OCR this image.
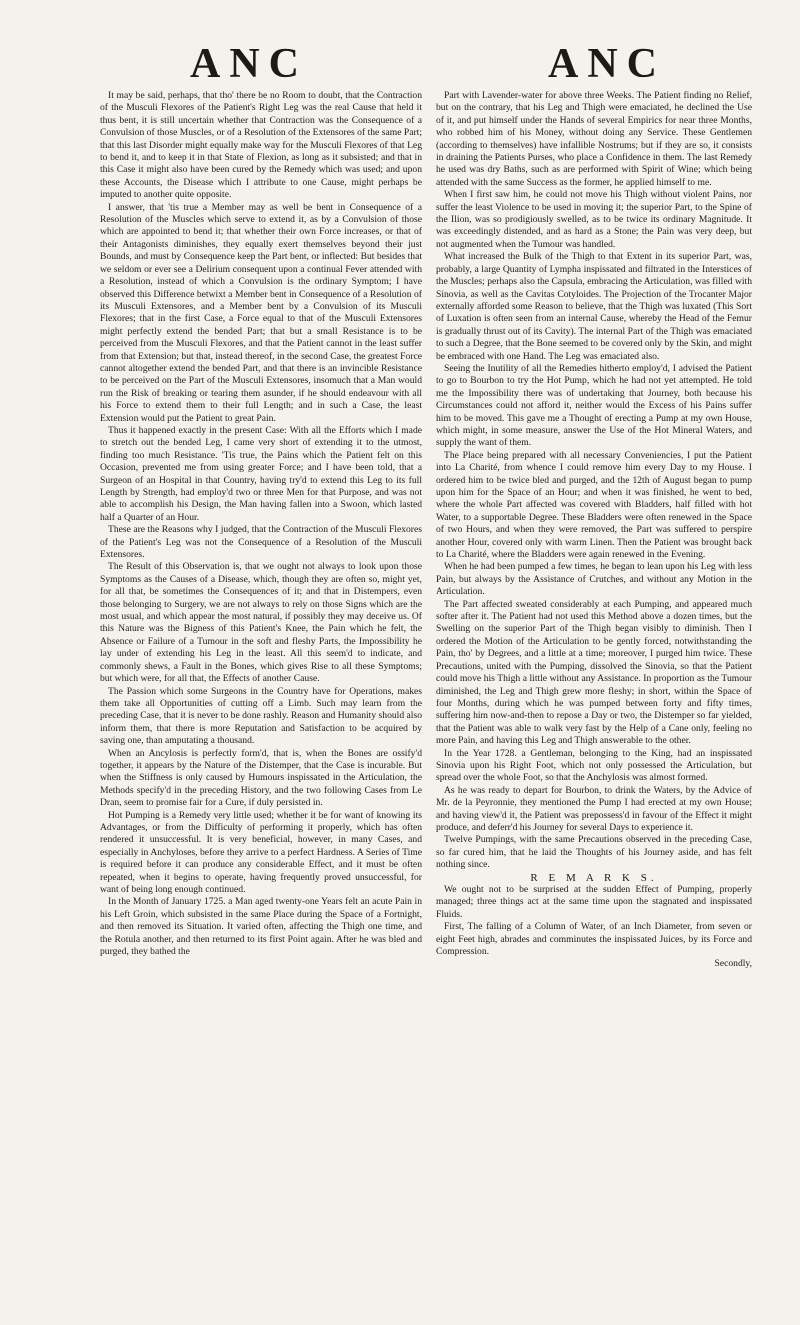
ANC	ANC

It may be said, perhaps, that tho' there be no Room to doubt, that the Contraction of the Musculi Flexores of the Patient's Right Leg was the real Cause that held it thus bent, it is still uncertain whether that Contraction was the Consequence of a Convulsion of those Muscles, or of a Resolution of the Extensores of the same Part; that this last Disorder might equally make way for the Musculi Flexores of that Leg to bend it, and to keep it in that State of Flexion, as long as it subsisted; and that in this Case it might also have been cured by the Remedy which was used; and upon these Accounts, the Disease which I attribute to one Cause, might perhaps be imputed to another quite opposite.

I answer, that 'tis true a Member may as well be bent in Consequence of a Resolution of the Muscles which serve to extend it, as by a Convulsion of those which are appointed to bend it; that whether their own Force increases, or that of their Antagonists diminishes, they equally exert themselves beyond their just Bounds, and must by Consequence keep the Part bent, or inflected: But besides that we seldom or ever see a Delirium consequent upon a continual Fever attended with a Resolution, instead of which a Convulsion is the ordinary Symptom; I have observed this Difference betwixt a Member bent in Consequence of a Resolution of its Musculi Extensores, and a Member bent by a Convulsion of its Musculi Flexores; that in the first Case, a Force equal to that of the Musculi Extensores might perfectly extend the bended Part; that but a small Resistance is to be perceived from the Musculi Flexores, and that the Patient cannot in the least suffer from that Extension; but that, instead thereof, in the second Case, the greatest Force cannot altogether extend the bended Part, and that there is an invincible Resistance to be perceived on the Part of the Musculi Extensores, insomuch that a Man would run the Risk of breaking or tearing them asunder, if he should endeavour with all his Force to extend them to their full Length; and in such a Case, the least Extension would put the Patient to great Pain.

Thus it happened exactly in the present Case: With all the Efforts which I made to stretch out the bended Leg, I came very short of extending it to the utmost, finding too much Resistance. 'Tis true, the Pains which the Patient felt on this Occasion, prevented me from using greater Force; and I have been told, that a Surgeon of an Hospital in that Country, having try'd to extend this Leg to its full Length by Strength, had employ'd two or three Men for that Purpose, and was not able to accomplish his Design, the Man having fallen into a Swoon, which lasted half a Quarter of an Hour.

These are the Reasons why I judged, that the Contraction of the Musculi Flexores of the Patient's Leg was not the Consequence of a Resolution of the Musculi Extensores.

The Result of this Observation is, that we ought not always to look upon those Symptoms as the Causes of a Disease, which, though they are often so, might yet, for all that, be sometimes the Consequences of it; and that in Distempers, even those belonging to Surgery, we are not always to rely on those Signs which are the most usual, and which appear the most natural, if possibly they may deceive us. Of this Nature was the Bigness of this Patient's Knee, the Pain which he felt, the Absence or Failure of a Tumour in the soft and fleshy Parts, the Impossibility he lay under of extending his Leg in the least. All this seem'd to indicate, and commonly shews, a Fault in the Bones, which gives Rise to all these Symptoms; but which were, for all that, the Effects of another Cause.

The Passion which some Surgeons in the Country have for Operations, makes them take all Opportunities of cutting off a Limb. Such may learn from the preceding Case, that it is never to be done rashly. Reason and Humanity should also inform them, that there is more Reputation and Satisfaction to be acquired by saving one, than amputating a thousand.

When an Ancylosis is perfectly form'd, that is, when the Bones are ossify'd together, it appears by the Nature of the Distemper, that the Case is incurable. But when the Stiffness is only caused by Humours inspissated in the Articulation, the Methods specify'd in the preceding History, and the two following Cases from Le Dran, seem to promise fair for a Cure, if duly persisted in.

Hot Pumping is a Remedy very little used; whether it be for want of knowing its Advantages, or from the Difficulty of performing it properly, which has often rendered it unsuccessful. It is very beneficial, however, in many Cases, and especially in Anchyloses, before they arrive to a perfect Hardness. A Series of Time is required before it can produce any considerable Effect, and it must be often repeated, when it begins to operate, having frequently proved unsuccessful, for want of being long enough continued.

In the Month of January 1725. a Man aged twenty-one Years felt an acute Pain in his Left Groin, which subsisted in the same Place during the Space of a Fortnight, and then removed its Situation. It varied often, affecting the Thigh one time, and the Rotula another, and then returned to its first Point again. After he was bled and purged, they bathed the

Part with Lavender-water for above three Weeks. The Patient finding no Relief, but on the contrary, that his Leg and Thigh were emaciated, he declined the Use of it, and put himself under the Hands of several Empirics for near three Months, who robbed him of his Money, without doing any Service. These Gentlemen (according to themselves) have infallible Nostrums; but if they are so, it consists in draining the Patients Purses, who place a Confidence in them. The last Remedy he used was dry Baths, such as are performed with Spirit of Wine; which being attended with the same Success as the former, he applied himself to me.

When I first saw him, he could not move his Thigh without violent Pains, nor suffer the least Violence to be used in moving it; the superior Part, to the Spine of the Ilion, was so prodigiously swelled, as to be twice its ordinary Magnitude. It was exceedingly distended, and as hard as a Stone; the Pain was very deep, but not augmented when the Tumour was handled.

What increased the Bulk of the Thigh to that Extent in its superior Part, was, probably, a large Quantity of Lympha inspissated and filtrated in the Interstices of the Muscles; perhaps also the Capsula, embracing the Articulation, was filled with Sinovia, as well as the Cavitas Cotyloides. The Projection of the Trocanter Major externally afforded some Reason to believe, that the Thigh was luxated (This Sort of Luxation is often seen from an internal Cause, whereby the Head of the Femur is gradually thrust out of its Cavity). The internal Part of the Thigh was emaciated to such a Degree, that the Bone seemed to be covered only by the Skin, and might be embraced with one Hand. The Leg was emaciated also.

Seeing the Inutility of all the Remedies hitherto employ'd, I advised the Patient to go to Bourbon to try the Hot Pump, which he had not yet attempted. He told me the Impossibility there was of undertaking that Journey, both because his Circumstances could not afford it, neither would the Excess of his Pains suffer him to be moved. This gave me a Thought of erecting a Pump at my own House, which might, in some measure, answer the Use of the Hot Mineral Waters, and supply the want of them.

The Place being prepared with all necessary Conveniencies, I put the Patient into La Charité, from whence I could remove him every Day to my House. I ordered him to be twice bled and purged, and the 12th of August began to pump upon him for the Space of an Hour; and when it was finished, he went to bed, where the whole Part affected was covered with Bladders, half filled with hot Water, to a supportable Degree. These Bladders were often renewed in the Space of two Hours, and when they were removed, the Part was suffered to perspire another Hour, covered only with warm Linen. Then the Patient was brought back to La Charité, where the Bladders were again renewed in the Evening.

When he had been pumped a few times, he began to lean upon his Leg with less Pain, but always by the Assistance of Crutches, and without any Motion in the Articulation.

The Part affected sweated considerably at each Pumping, and appeared much softer after it. The Patient had not used this Method above a dozen times, but the Swelling on the superior Part of the Thigh began visibly to diminish. Then I ordered the Motion of the Articulation to be gently forced, notwithstanding the Pain, tho' by Degrees, and a little at a time; moreover, I purged him twice. These Precautions, united with the Pumping, dissolved the Sinovia, so that the Patient could move his Thigh a little without any Assistance. In proportion as the Tumour diminished, the Leg and Thigh grew more fleshy; in short, within the Space of four Months, during which he was pumped between forty and fifty times, suffering him now-and-then to repose a Day or two, the Distemper so far yielded, that the Patient was able to walk very fast by the Help of a Cane only, feeling no more Pain, and having this Leg and Thigh answerable to the other.

In the Year 1728. a Gentleman, belonging to the King, had an inspissated Sinovia upon his Right Foot, which not only possessed the Articulation, but spread over the whole Foot, so that the Anchylosis was almost formed.

As he was ready to depart for Bourbon, to drink the Waters, by the Advice of Mr. de la Peyronnie, they mentioned the Pump I had erected at my own House; and having view'd it, the Patient was prepossess'd in favour of the Effect it might produce, and deferr'd his Journey for several Days to experience it.

Twelve Pumpings, with the same Precautions observed in the preceding Case, so far cured him, that he laid the Thoughts of his Journey aside, and has felt nothing since.

R E M A R K S.

We ought not to be surprised at the sudden Effect of Pumping, properly managed; three things act at the same time upon the stagnated and inspissated Fluids.

First, The falling of a Column of Water, of an Inch Diameter, from seven or eight Feet high, abrades and comminutes the inspissated Juices, by its Force and Compression.

Secondly,
